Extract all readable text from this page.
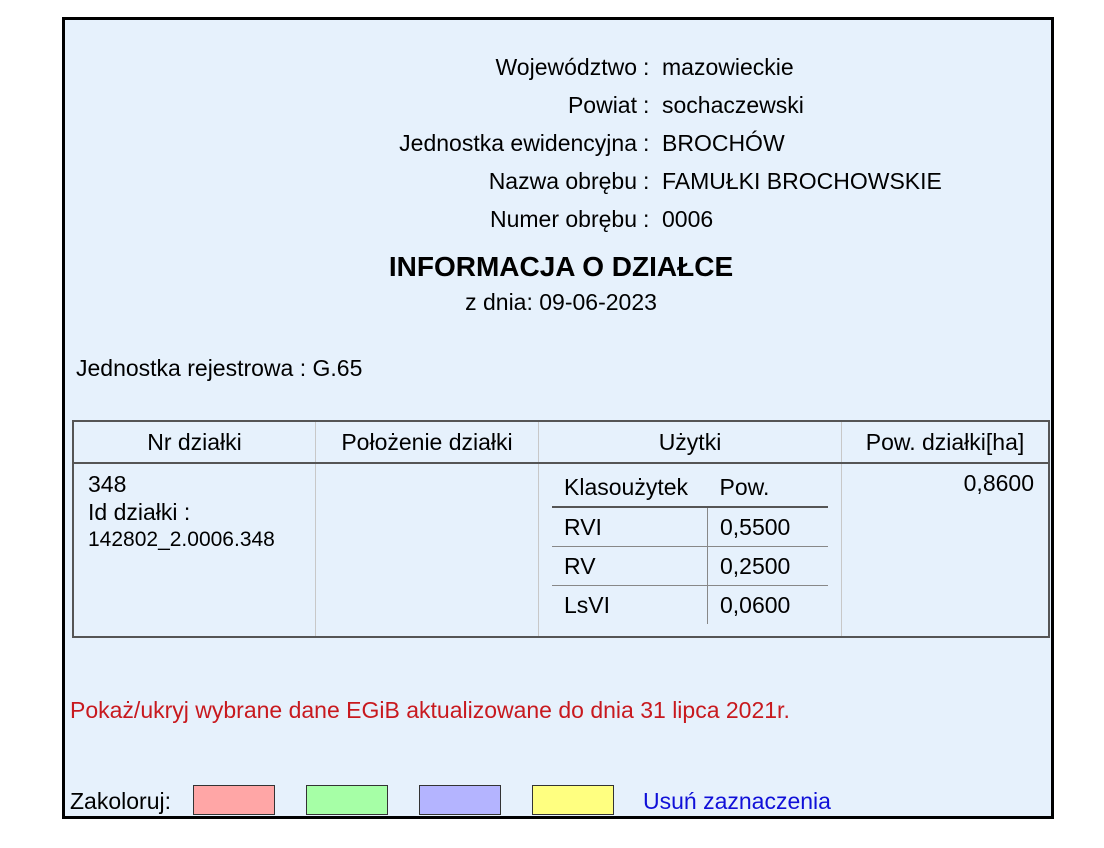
Województwo : mazowieckie
Powiat : sochaczewski
Jednostka ewidencyjna : BROCHÓW
Nazwa obrębu : FAMUŁKI BROCHOWSKIE
Numer obrębu : 0006
INFORMACJA O DZIAŁCE
z dnia: 09-06-2023
Jednostka rejestrowa : G.65
Nr działki	Położenie działki	Użytki	Pow. działki[ha]

348
Id działki :
142802_2.0006.348

Klasoużytek	Pow.
RVI	0,5500
RV	0,2500
LsVI	0,0600
	0,8600
Pokaż/ukryj wybrane dane EGiB aktualizowane do dnia 31 lipca 2021r.
Zakoloruj:	Usuń zaznaczenia
